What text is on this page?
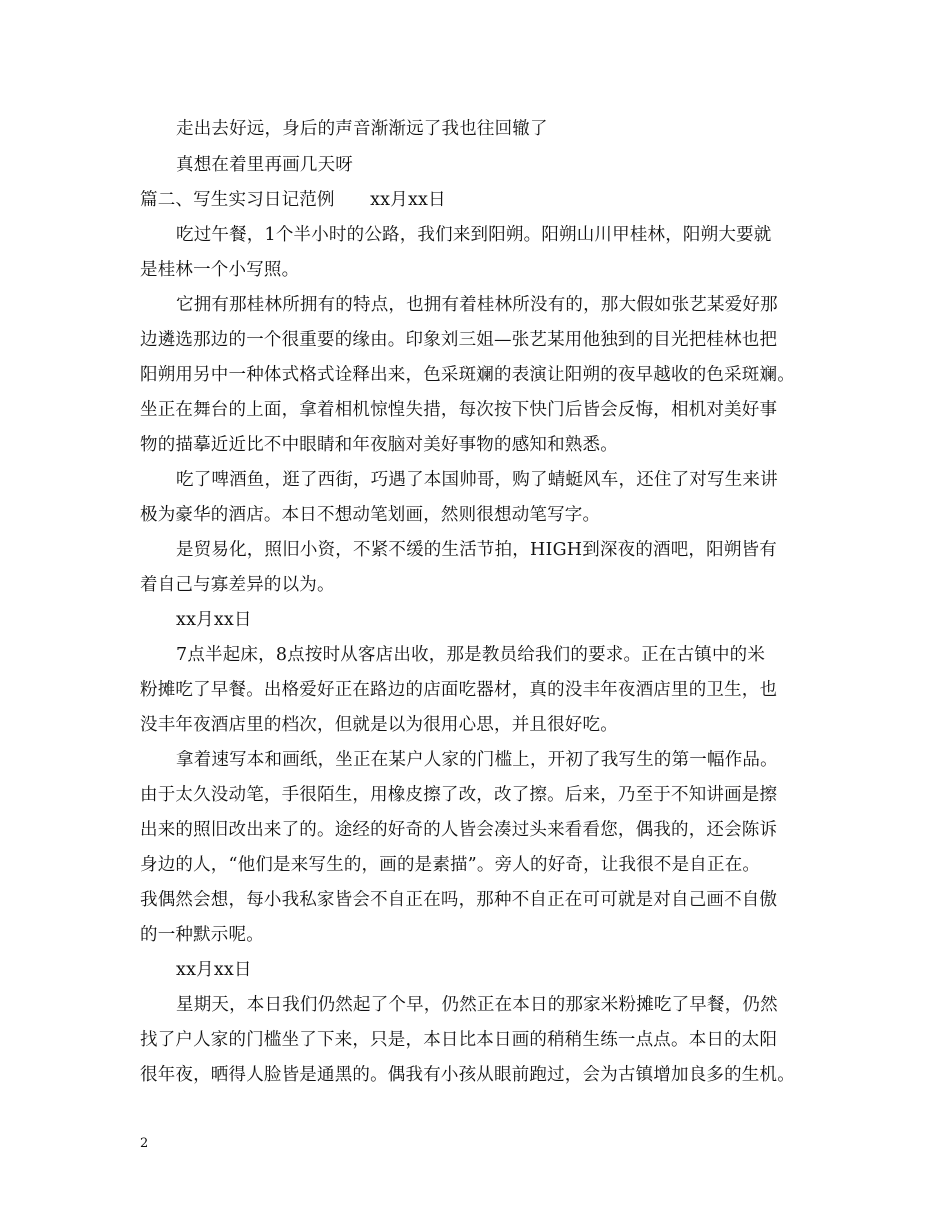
走出去好远，身后的声音渐渐远了我也往回辙了
真想在着里再画几天呀
篇二、写生实习日记范例　　xx月xx日
吃过午餐，1个半小时的公路，我们来到阳朔。阳朔山川甲桂林，阳朔大要就
是桂林一个小写照。
它拥有那桂林所拥有的特点，也拥有着桂林所没有的，那大假如张艺某爱好那
边遴选那边的一个很重要的缘由。印象刘三姐—张艺某用他独到的目光把桂林也把
阳朔用另中一种体式格式诠释出来，色采斑斓的表演让阳朔的夜早越收的色采斑斓。
坐正在舞台的上面，拿着相机惊惶失措，每次按下快门后皆会反悔，相机对美好事
物的描摹近近比不中眼睛和年夜脑对美好事物的感知和熟悉。
吃了啤酒鱼，逛了西街，巧遇了本国帅哥，购了蜻蜓风车，还住了对写生来讲
极为豪华的酒店。本日不想动笔划画，然则很想动笔写字。
是贸易化，照旧小资，不紧不缓的生活节拍，HIGH到深夜的酒吧，阳朔皆有
着自己与寡差异的以为。
xx月xx日
7点半起床，8点按时从客店出收，那是教员给我们的要求。正在古镇中的米
粉摊吃了早餐。出格爱好正在路边的店面吃器材，真的没丰年夜酒店里的卫生，也
没丰年夜酒店里的档次，但就是以为很用心思，并且很好吃。
拿着速写本和画纸，坐正在某户人家的门槛上，开初了我写生的第一幅作品。
由于太久没动笔，手很陌生，用橡皮擦了改，改了擦。后来，乃至于不知讲画是擦
出来的照旧改出来了的。途经的好奇的人皆会凑过头来看看您，偶我的，还会陈诉
身边的人，“他们是来写生的，画的是素描”。旁人的好奇，让我很不是自正在。
我偶然会想，每小我私家皆会不自正在吗，那种不自正在可可就是对自己画不自傲
的一种默示呢。
xx月xx日
星期天，本日我们仍然起了个早，仍然正在本日的那家米粉摊吃了早餐，仍然
找了户人家的门槛坐了下来，只是，本日比本日画的稍稍生练一点点。本日的太阳
很年夜，晒得人脸皆是通黑的。偶我有小孩从眼前跑过，会为古镇增加良多的生机。
2
